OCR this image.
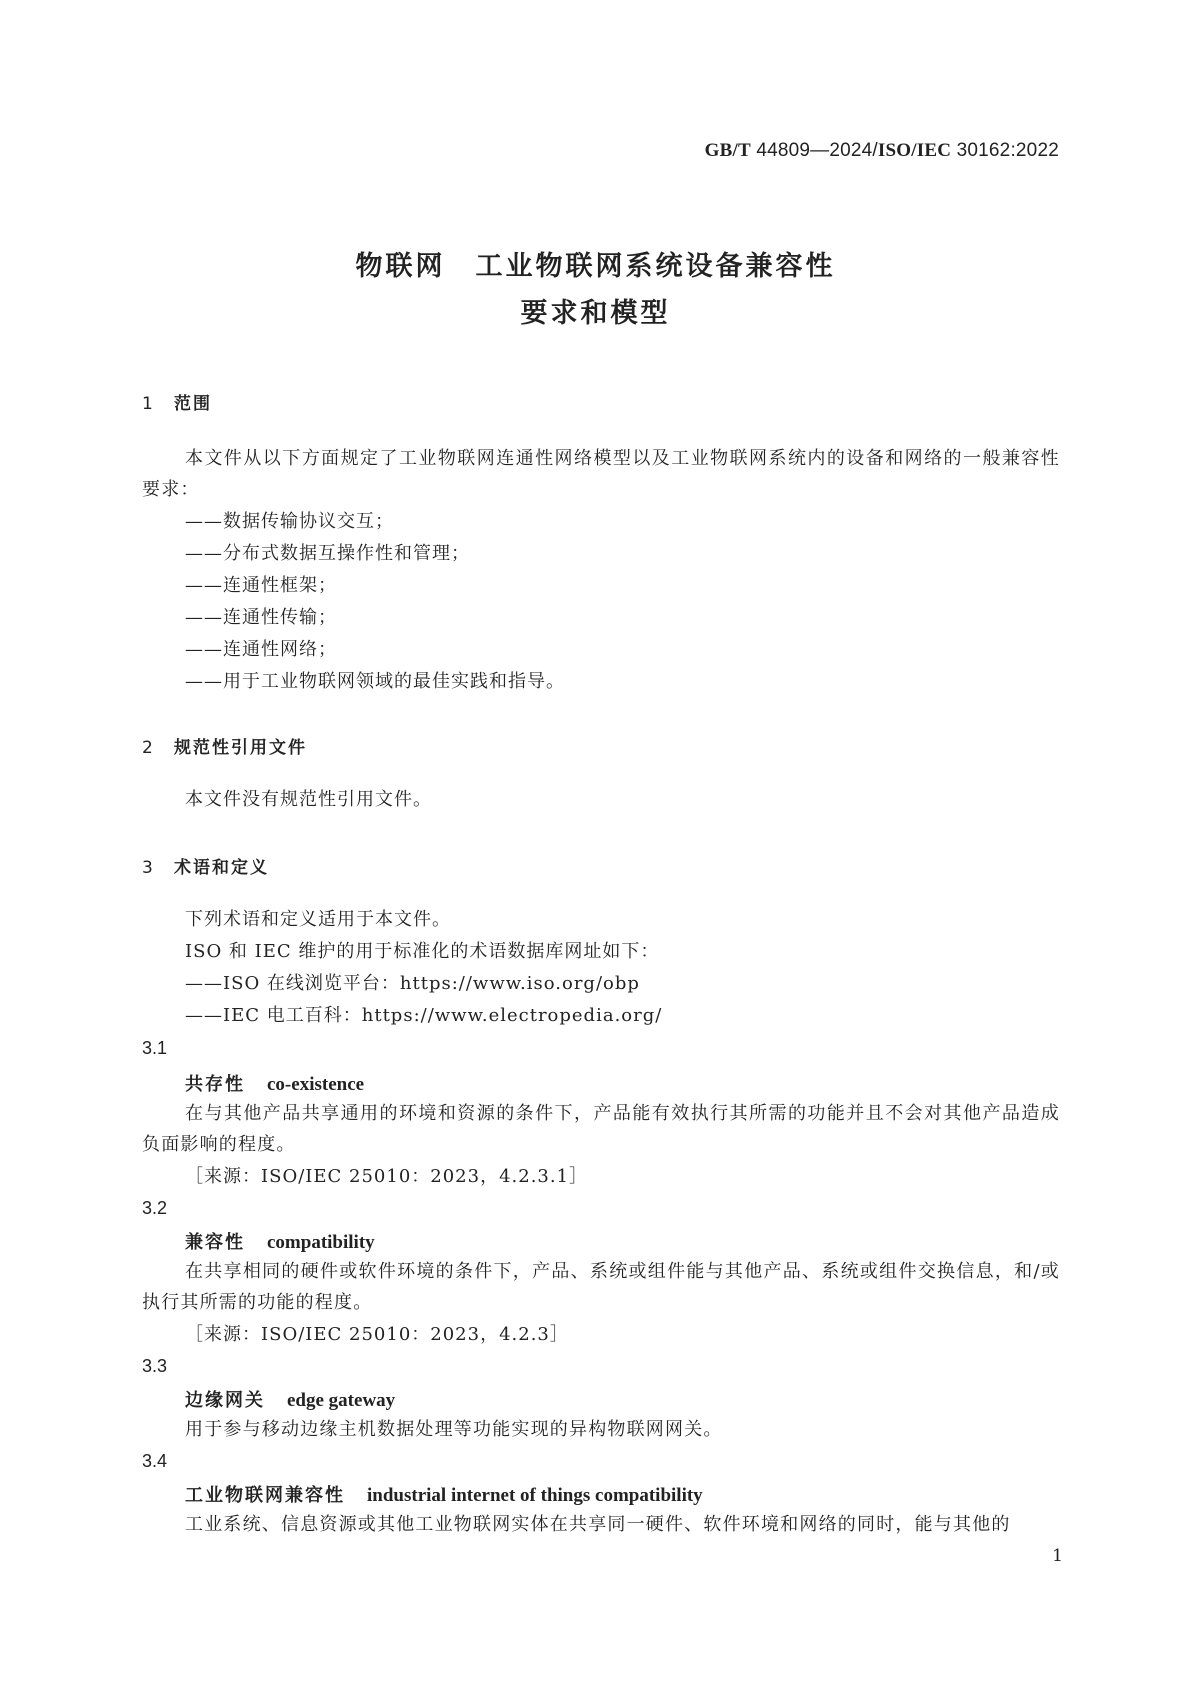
GB/T 44809—2024/ISO/IEC 30162:2022
物联网　工业物联网系统设备兼容性
要求和模型
1 范围
本文件从以下方面规定了工业物联网连通性网络模型以及工业物联网系统内的设备和网络的一般兼容性要求：
——数据传输协议交互；
——分布式数据互操作性和管理；
——连通性框架；
——连通性传输；
——连通性网络；
——用于工业物联网领域的最佳实践和指导。
2 规范性引用文件
本文件没有规范性引用文件。
3 术语和定义
下列术语和定义适用于本文件。
ISO 和 IEC 维护的用于标准化的术语数据库网址如下：
——ISO 在线浏览平台：https://www.iso.org/obp
——IEC 电工百科：https://www.electropedia.org/
3.1
共存性 co-existence
在与其他产品共享通用的环境和资源的条件下，产品能有效执行其所需的功能并且不会对其他产品造成负面影响的程度。
［来源：ISO/IEC 25010：2023，4.2.3.1］
3.2
兼容性 compatibility
在共享相同的硬件或软件环境的条件下，产品、系统或组件能与其他产品、系统或组件交换信息，和/或执行其所需的功能的程度。
［来源：ISO/IEC 25010：2023，4.2.3］
3.3
边缘网关 edge gateway
用于参与移动边缘主机数据处理等功能实现的异构物联网网关。
3.4
工业物联网兼容性 industrial internet of things compatibility
工业系统、信息资源或其他工业物联网实体在共享同一硬件、软件环境和网络的同时，能与其他的
1
